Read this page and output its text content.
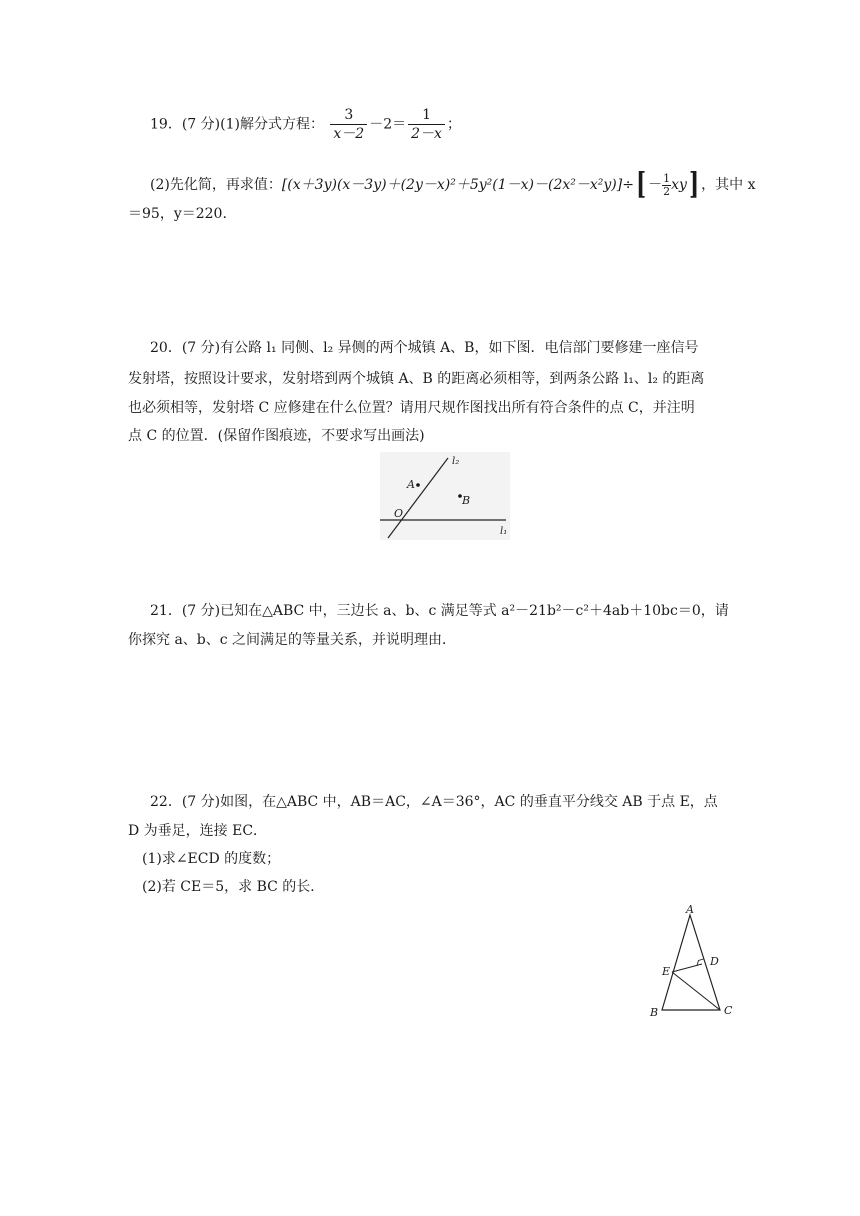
19．(7 分)(1)解分式方程： $\frac{3}{x-2} -2= \frac{1}{2-x}$ ；
(2)先化简，再求值：$[(x+3y)(x-3y)+(2y-x)^2+5y^2(1-x)-(2x^2-x^2y)]\div[ - \frac{1}{2} xy]$ ，其中 x
＝95，y＝220.
20．(7 分)有公路 l₁ 同侧、l₂ 异侧的两个城镇 A、B，如下图．电信部门要修建一座信号
发射塔，按照设计要求，发射塔到两个城镇 A、B 的距离必须相等，到两条公路 l₁、l₂ 的距离
也必须相等，发射塔 C 应修建在什么位置？请用尺规作图找出所有符合条件的点 C，并注明
点 C 的位置．(保留作图痕迹，不要求写出画法)
l₂
A
B
O
l₁
21．(7 分)已知在△ABC 中，三边长 a、b、c 满足等式 a²－21b²－c²＋4ab＋10bc＝0，请
你探究 a、b、c 之间满足的等量关系，并说明理由．
22．(7 分)如图，在△ABC 中，AB＝AC，∠A＝36°，AC 的垂直平分线交 AB 于点 E，点
D 为垂足，连接 EC．
(1)求∠ECD 的度数；
(2)若 CE＝5，求 BC 的长．
A
D
E
B	C
